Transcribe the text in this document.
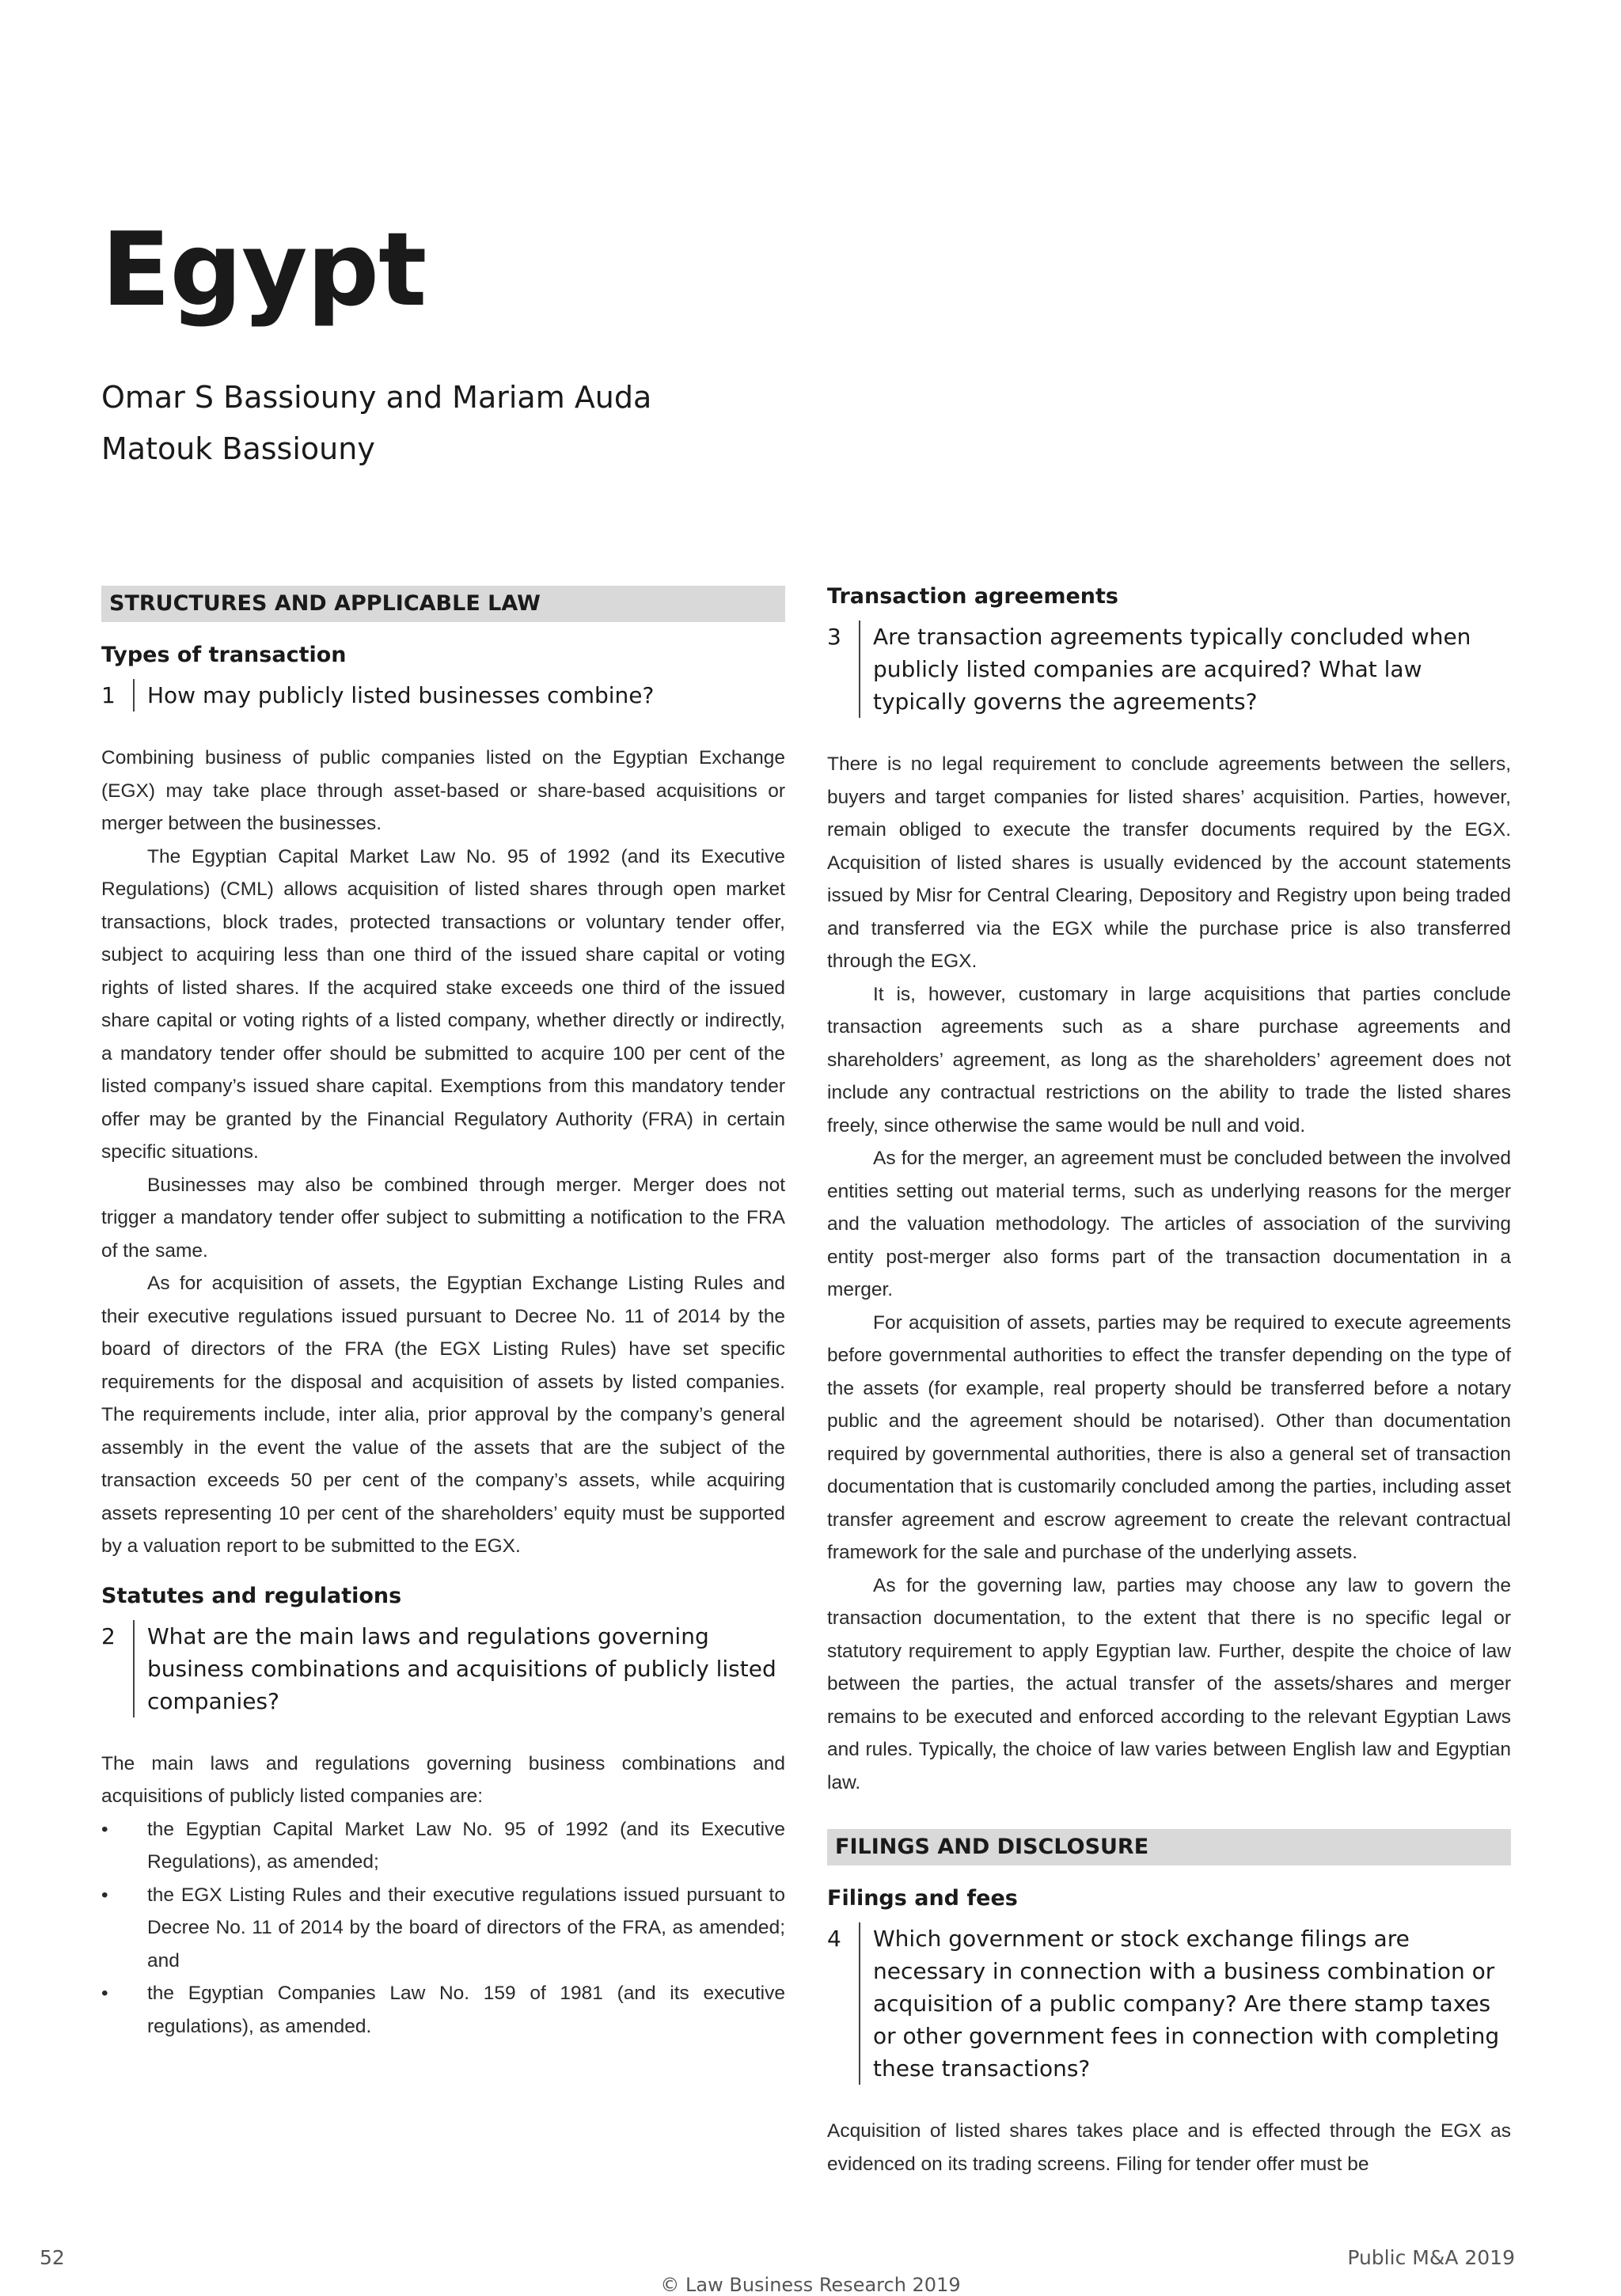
Egypt

Omar S Bassiouny and Mariam Auda

Matouk Bassiouny

STRUCTURES AND APPLICABLE LAW

Types of transaction

1	How may publicly listed businesses combine?

Combining business of public companies listed on the Egyptian Exchange (EGX) may take place through asset-based or share-based acquisitions or merger between the businesses.

The Egyptian Capital Market Law No. 95 of 1992 (and its Executive Regulations) (CML) allows acquisition of listed shares through open market transactions, block trades, protected transactions or voluntary tender offer, subject to acquiring less than one third of the issued share capital or voting rights of listed shares. If the acquired stake exceeds one third of the issued share capital or voting rights of a listed company, whether directly or indirectly, a mandatory tender offer should be submitted to acquire 100 per cent of the listed company’s issued share capital. Exemptions from this mandatory tender offer may be granted by the Financial Regulatory Authority (FRA) in certain specific situations.

Businesses may also be combined through merger. Merger does not trigger a mandatory tender offer subject to submitting a notification to the FRA of the same.

As for acquisition of assets, the Egyptian Exchange Listing Rules and their executive regulations issued pursuant to Decree No. 11 of 2014 by the board of directors of the FRA (the EGX Listing Rules) have set specific requirements for the disposal and acquisition of assets by listed companies. The requirements include, inter alia, prior approval by the company’s general assembly in the event the value of the assets that are the subject of the transaction exceeds 50 per cent of the company’s assets, while acquiring assets representing 10 per cent of the shareholders’ equity must be supported by a valuation report to be submitted to the EGX.

Statutes and regulations

2	What are the main laws and regulations governing business combinations and acquisitions of publicly listed companies?

The main laws and regulations governing business combinations and acquisitions of publicly listed companies are:

• the Egyptian Capital Market Law No. 95 of 1992 (and its Executive Regulations), as amended;
• the EGX Listing Rules and their executive regulations issued pursuant to Decree No. 11 of 2014 by the board of directors of the FRA, as amended; and
• the Egyptian Companies Law No. 159 of 1981 (and its executive regulations), as amended.

Transaction agreements

3	Are transaction agreements typically concluded when publicly listed companies are acquired? What law typically governs the agreements?

There is no legal requirement to conclude agreements between the sellers, buyers and target companies for listed shares’ acquisition. Parties, however, remain obliged to execute the transfer documents required by the EGX. Acquisition of listed shares is usually evidenced by the account statements issued by Misr for Central Clearing, Depository and Registry upon being traded and transferred via the EGX while the purchase price is also transferred through the EGX.

It is, however, customary in large acquisitions that parties conclude transaction agreements such as a share purchase agreements and shareholders’ agreement, as long as the shareholders’ agreement does not include any contractual restrictions on the ability to trade the listed shares freely, since otherwise the same would be null and void.

As for the merger, an agreement must be concluded between the involved entities setting out material terms, such as underlying reasons for the merger and the valuation methodology. The articles of association of the surviving entity post-merger also forms part of the transaction documentation in a merger.

For acquisition of assets, parties may be required to execute agreements before governmental authorities to effect the transfer depending on the type of the assets (for example, real property should be transferred before a notary public and the agreement should be notarised). Other than documentation required by governmental authorities, there is also a general set of transaction documentation that is customarily concluded among the parties, including asset transfer agreement and escrow agreement to create the relevant contractual framework for the sale and purchase of the underlying assets.

As for the governing law, parties may choose any law to govern the transaction documentation, to the extent that there is no specific legal or statutory requirement to apply Egyptian law. Further, despite the choice of law between the parties, the actual transfer of the assets/shares and merger remains to be executed and enforced according to the relevant Egyptian Laws and rules. Typically, the choice of law varies between English law and Egyptian law.

FILINGS AND DISCLOSURE

Filings and fees

4	Which government or stock exchange filings are necessary in connection with a business combination or acquisition of a public company? Are there stamp taxes or other government fees in connection with completing these transactions?

Acquisition of listed shares takes place and is effected through the EGX as evidenced on its trading screens. Filing for tender offer must be

52	Public M&A 2019
© Law Business Research 2019
